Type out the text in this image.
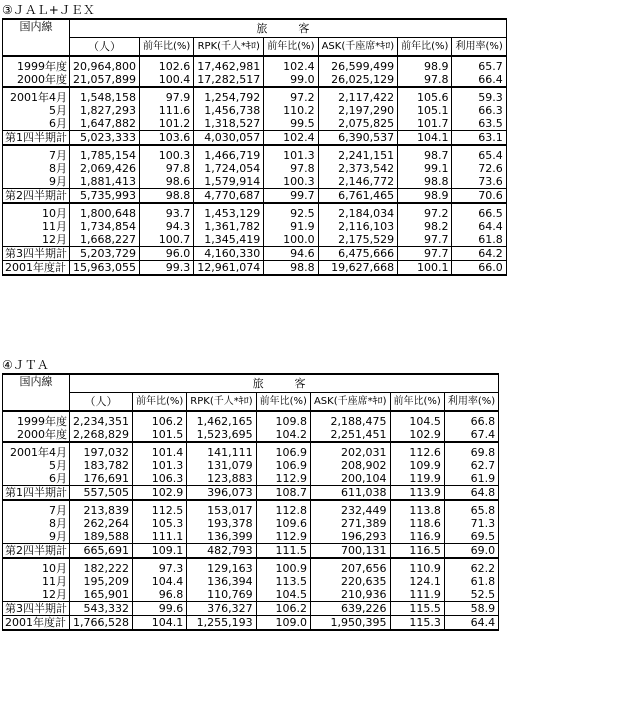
③ＪＡＬ+ＪＥＸ
国内線	旅　客						
	（人）	前年比(%)	RPK(千人*ｷﾛ)	前年比(%)	ASK(千座席*ｷﾛ)	前年比(%)	利用率(%)
1999年度	20,964,800	102.6	17,462,981	102.4	26,599,499	98.9	65.7
2000年度	21,057,899	100.4	17,282,517	99.0	26,025,129	97.8	66.4
2001年4月	1,548,158	97.9	1,254,792	97.2	2,117,422	105.6	59.3
5月	1,827,293	111.6	1,456,738	110.2	2,197,290	105.1	66.3
6月	1,647,882	101.2	1,318,527	99.5	2,075,825	101.7	63.5
第1四半期計	5,023,333	103.6	4,030,057	102.4	6,390,537	104.1	63.1
7月	1,785,154	100.3	1,466,719	101.3	2,241,151	98.7	65.4
8月	2,069,426	97.8	1,724,054	97.8	2,373,542	99.1	72.6
9月	1,881,413	98.6	1,579,914	100.3	2,146,772	98.8	73.6
第2四半期計	5,735,993	98.8	4,770,687	99.7	6,761,465	98.9	70.6
10月	1,800,648	93.7	1,453,129	92.5	2,184,034	97.2	66.5
11月	1,734,854	94.3	1,361,782	91.9	2,116,103	98.2	64.4
12月	1,668,227	100.7	1,345,419	100.0	2,175,529	97.7	61.8
第3四半期計	5,203,729	96.0	4,160,330	94.6	6,475,666	97.7	64.2
2001年度計	15,963,055	99.3	12,961,074	98.8	19,627,668	100.1	66.0
④ＪＴＡ
国内線	旅　客						
	（人）	前年比(%)	RPK(千人*ｷﾛ)	前年比(%)	ASK(千座席*ｷﾛ)	前年比(%)	利用率(%)
1999年度	2,234,351	106.2	1,462,165	109.8	2,188,475	104.5	66.8
2000年度	2,268,829	101.5	1,523,695	104.2	2,251,451	102.9	67.4
2001年4月	197,032	101.4	141,111	106.9	202,031	112.6	69.8
5月	183,782	101.3	131,079	106.9	208,902	109.9	62.7
6月	176,691	106.3	123,883	112.9	200,104	119.9	61.9
第1四半期計	557,505	102.9	396,073	108.7	611,038	113.9	64.8
7月	213,839	112.5	153,017	112.8	232,449	113.8	65.8
8月	262,264	105.3	193,378	109.6	271,389	118.6	71.3
9月	189,588	111.1	136,399	112.9	196,293	116.9	69.5
第2四半期計	665,691	109.1	482,793	111.5	700,131	116.5	69.0
10月	182,222	97.3	129,163	100.9	207,656	110.9	62.2
11月	195,209	104.4	136,394	113.5	220,635	124.1	61.8
12月	165,901	96.8	110,769	104.5	210,936	111.9	52.5
第3四半期計	543,332	99.6	376,327	106.2	639,226	115.5	58.9
2001年度計	1,766,528	104.1	1,255,193	109.0	1,950,395	115.3	64.4
